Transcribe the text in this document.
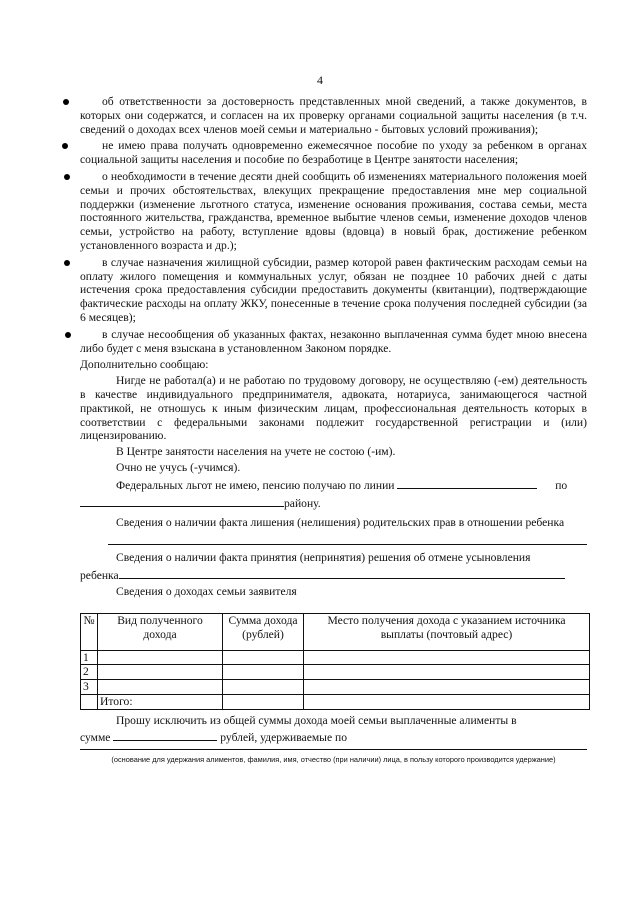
4

об ответственности за достоверность представленных мной сведений, а также документов, в которых они содержатся, и согласен на их проверку органами социальной защиты населения (в т.ч. сведений о доходах всех членов моей семьи и материально - бытовых условий проживания);

не имею права получать одновременно ежемесячное пособие по уходу за ребенком в органах социальной защиты населения и пособие по безработице в Центре занятости населения;

о необходимости в течение десяти дней сообщить об изменениях материального положения моей семьи и прочих обстоятельствах, влекущих прекращение предоставления мне мер социальной поддержки (изменение льготного статуса, изменение основания проживания, состава семьи, места постоянного жительства, гражданства, временное выбытие членов семьи, изменение доходов членов семьи, устройство на работу, вступление вдовы (вдовца) в новый брак, достижение ребенком установленного возраста и др.);

в случае назначения жилищной субсидии, размер которой равен фактическим расходам семьи на оплату жилого помещения и коммунальных услуг, обязан не позднее 10 рабочих дней с даты истечения срока предоставления субсидии предоставить документы (квитанции), подтверждающие фактические расходы на оплату ЖКУ, понесенные в течение срока получения последней субсидии (за 6 месяцев);

в случае несообщения об указанных фактах, незаконно выплаченная сумма будет мною внесена либо будет с меня взыскана в установленном Законом порядке.

Дополнительно сообщаю:

Нигде не работал(а) и не работаю по трудовому договору, не осуществляю (-ем) деятельность в качестве индивидуального предпринимателя, адвоката, нотариуса, занимающегося частной практикой, не отношусь к иным физическим лицам, профессиональная деятельность которых в соответствии с федеральными законами подлежит государственной регистрации и (или) лицензированию.

В Центре занятости населения на учете не состою (-им).

Очно не учусь (-учимся).

Федеральных льгот не имею, пенсию получаю по линии	по

району.

Сведения о наличии факта лишения (нелишения) родительских прав в отношении ребенка

Сведения о наличии факта принятия (непринятия) решения об отмене усыновления

ребенка

Сведения о доходах семьи заявителя

№	Вид полученного дохода	Сумма дохода (рублей)	Место получения дохода с указанием источника выплаты (почтовый адрес)
1			
2			
3			
	Итого:		

Прошу исключить из общей суммы дохода моей семьи выплаченные алименты в

сумме	рублей, удерживаемые по

(основание для удержания алиментов, фамилия, имя, отчество (при наличии) лица, в пользу которого производится удержание)
